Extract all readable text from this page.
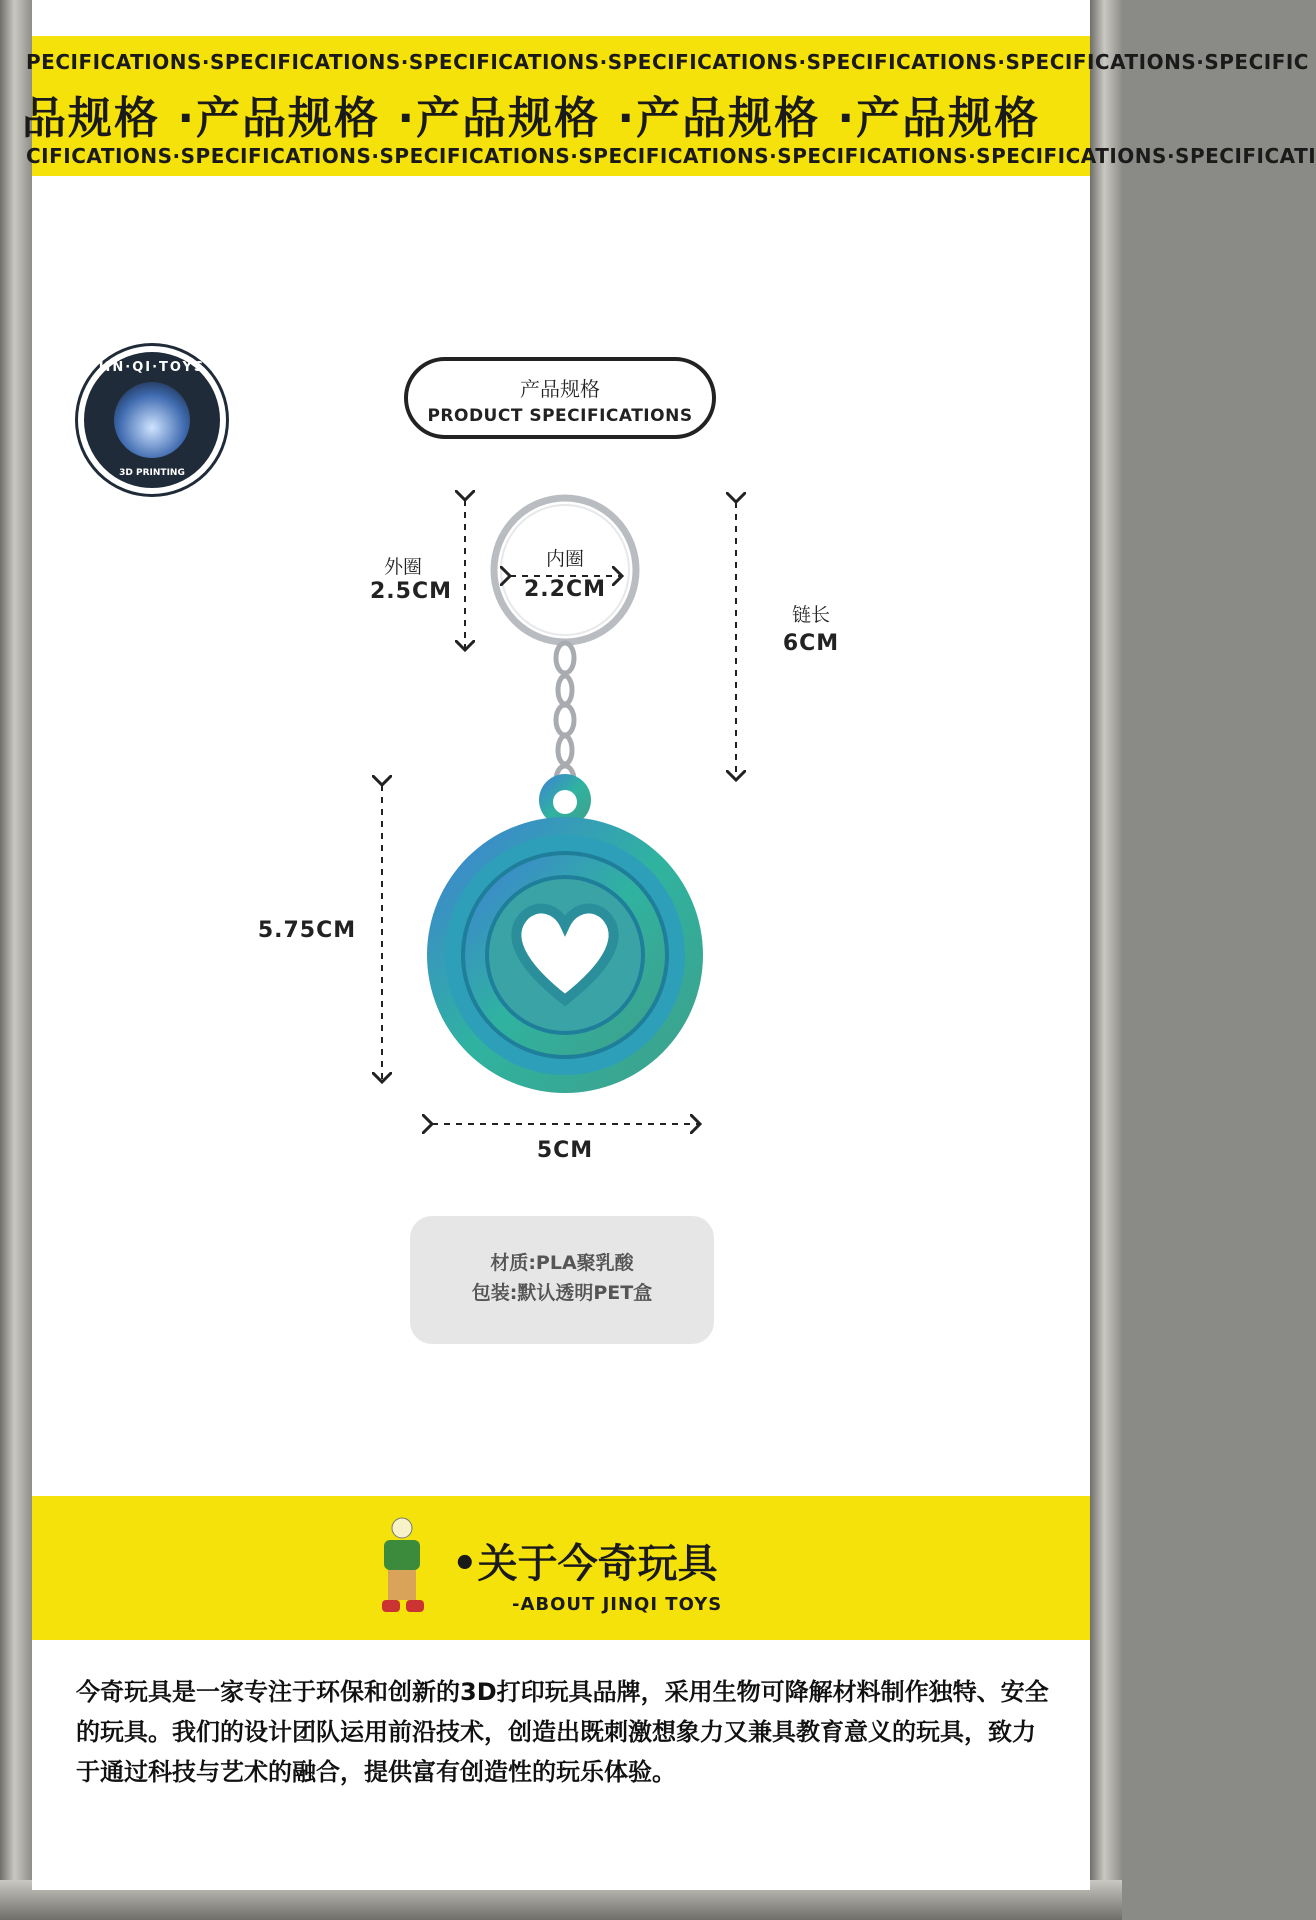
PECIFICATIONS·SPECIFICATIONS·SPECIFICATIONS·SPECIFICATIONS·SPECIFICATIONS·SPECIFICATIONS·SPECIFIC
品规格 ·产品规格 ·产品规格 ·产品规格 ·产品规格
CIFICATIONS·SPECIFICATIONS·SPECIFICATIONS·SPECIFICATIONS·SPECIFICATIONS·SPECIFICATIONS·SPECIFICATI
JIN·QI·TOYS
3D PRINTING
产品规格
PRODUCT SPECIFICATIONS
外圈
2.5CM
内圈
2.2CM
链长
6CM
5.75CM
5CM
材质:PLA聚乳酸
包装:默认透明PET盒
•关于今奇玩具
-ABOUT JINQI TOYS
今奇玩具是一家专注于环保和创新的3D打印玩具品牌，采用生物可降解材料制作独特、安全的玩具。我们的设计团队运用前沿技术，创造出既刺激想象力又兼具教育意义的玩具，致力于通过科技与艺术的融合，提供富有创造性的玩乐体验。
